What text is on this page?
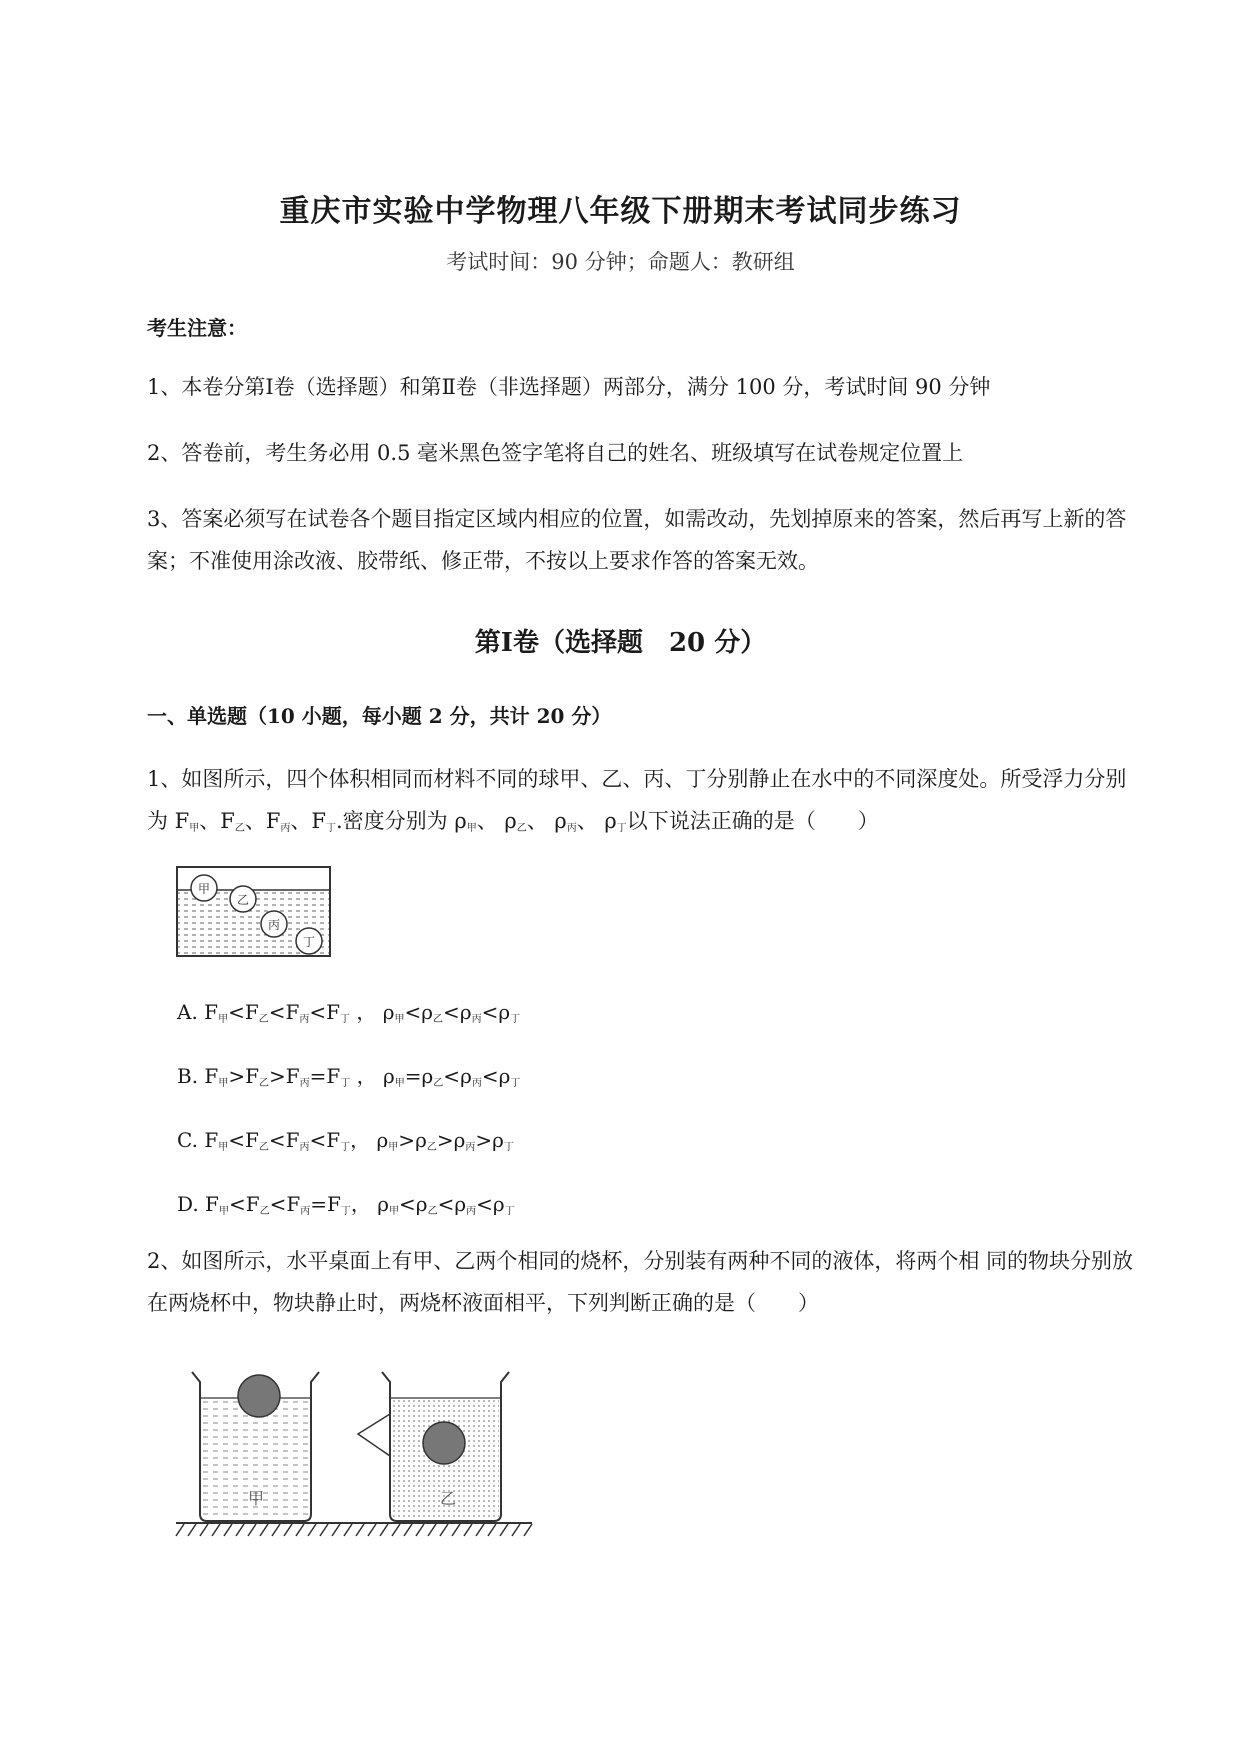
重庆市实验中学物理八年级下册期末考试同步练习
考试时间：90 分钟；命题人：教研组
考生注意：
1、本卷分第Ⅰ卷（选择题）和第Ⅱ卷（非选择题）两部分，满分 100 分，考试时间 90 分钟
2、答卷前，考生务必用 0.5 毫米黑色签字笔将自己的姓名、班级填写在试卷规定位置上
3、答案必须写在试卷各个题目指定区域内相应的位置，如需改动，先划掉原来的答案，然后再写上新的答案；不准使用涂改液、胶带纸、修正带，不按以上要求作答的答案无效。
第Ⅰ卷（选择题　20 分）
一、单选题（10 小题，每小题 2 分，共计 20 分）
1、如图所示，四个体积相同而材料不同的球甲、乙、丙、丁分别静止在水中的不同深度处。所受浮力分别为 $F_甲$、$F_乙$、$F_丙$、$F_丁$.密度分别为 $\rho_甲$、 $\rho_乙$、 $\rho_丙$、 $\rho_丁$以下说法正确的是（　　）
甲
乙
丙
丁
A. $F_甲<F_乙<F_丙<F_丁$ ， $\rho_甲<\rho_乙<\rho_丙<\rho_丁$
B. $F_甲>F_乙>F_丙=F_丁$ ， $\rho_甲=\rho_乙<\rho_丙<\rho_丁$
C. $F_甲<F_乙<F_丙<F_丁$， $\rho_甲>\rho_乙>\rho_丙>\rho_丁$
D. $F_甲<F_乙<F_丙=F_丁$， $\rho_甲<\rho_乙<\rho_丙<\rho_丁$
2、如图所示，水平桌面上有甲、乙两个相同的烧杯，分别装有两种不同的液体，将两个相 同的物块分别放在两烧杯中，物块静止时，两烧杯液面相平，下列判断正确的是（　　）
甲	乙
